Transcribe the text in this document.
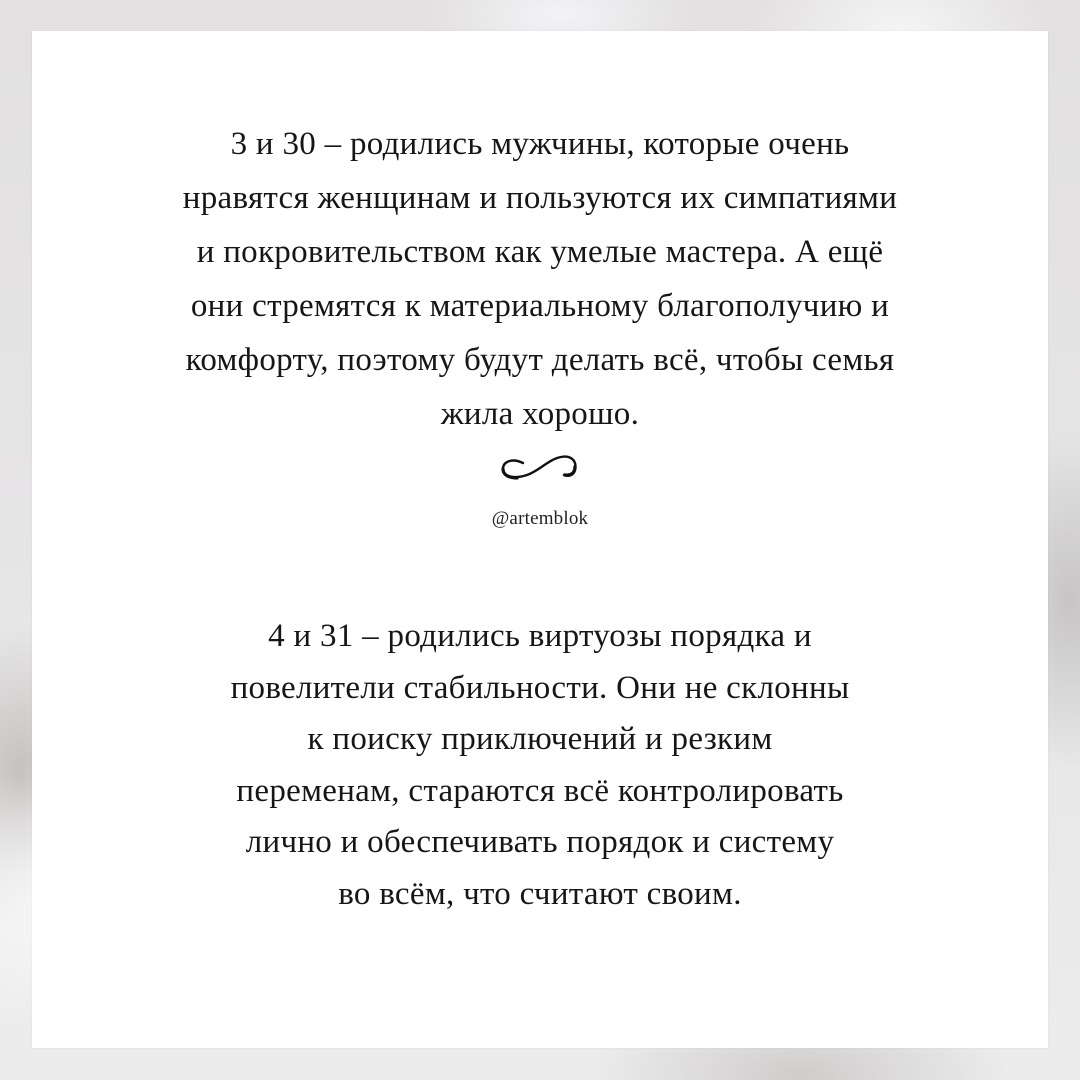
3 и 30 – родились мужчины, которые очень
нравятся женщинам и пользуются их симпатиями
и покровительством как умелые мастера. А ещё
они стремятся к материальному благополучию и
комфорту, поэтому будут делать всё, чтобы семья
жила хорошо.
@artemblok
4 и 31 – родились виртуозы порядка и
повелители стабильности. Они не склонны
к поиску приключений и резким
переменам, стараются всё контролировать
лично и обеспечивать порядок и систему
во всём, что считают своим.
